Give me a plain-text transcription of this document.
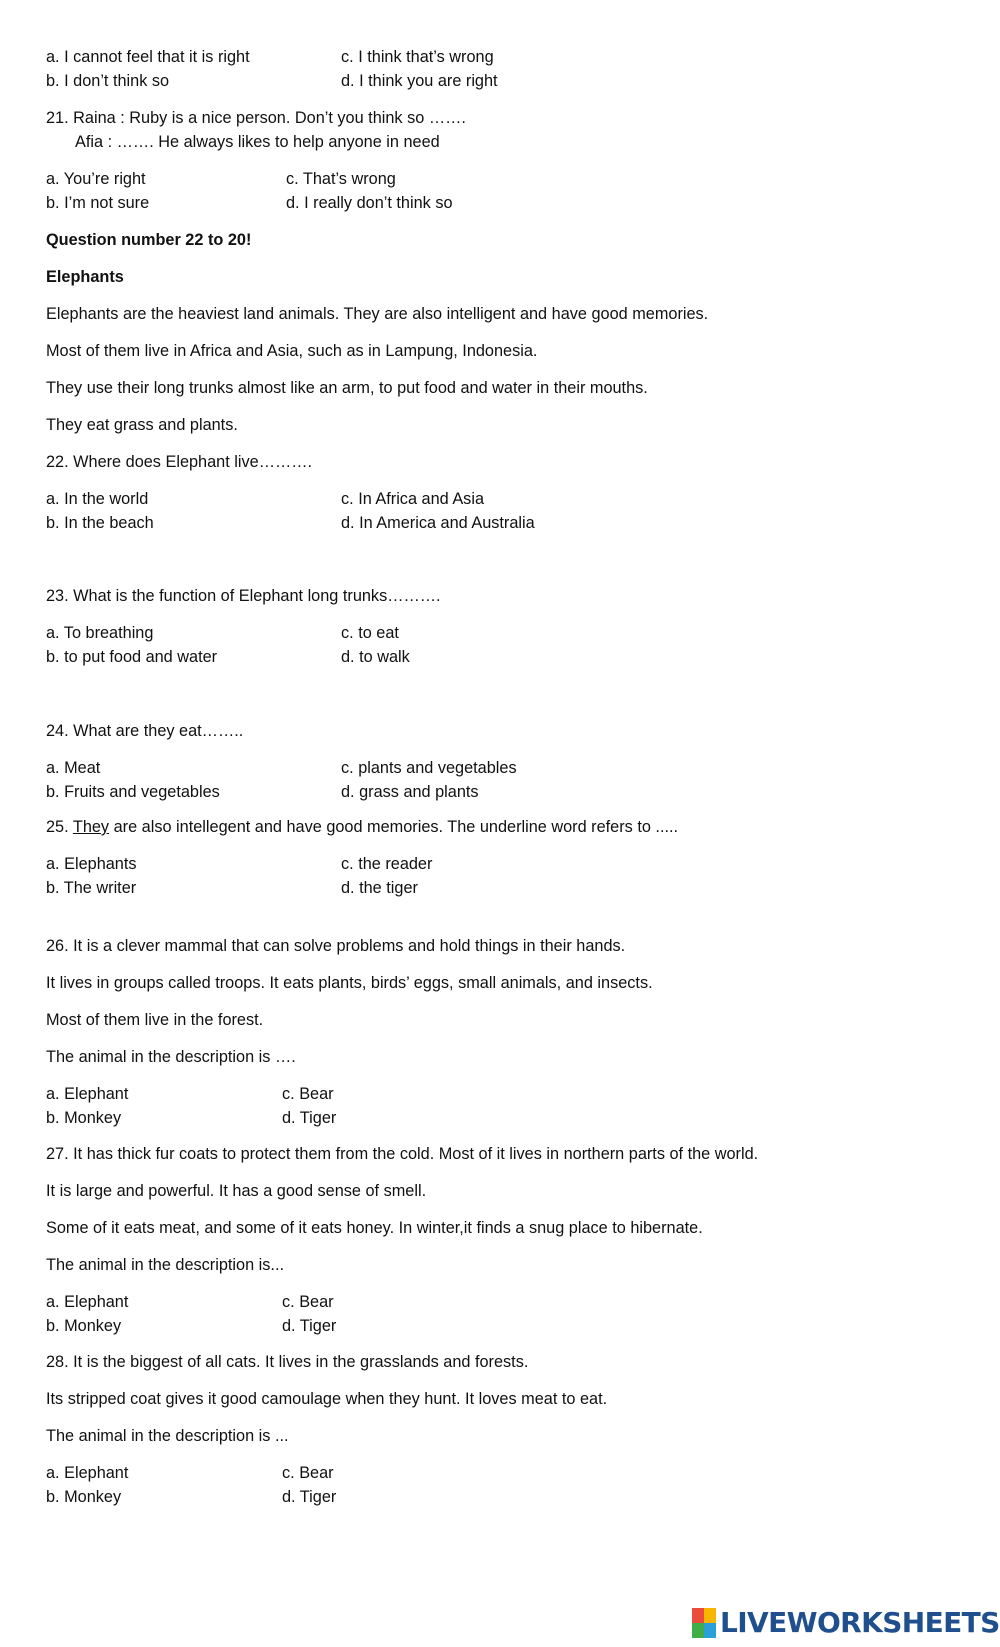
a. I cannot feel that it is right	c. I think that’s wrong
b. I don’t think so	d. I think you are right
21. Raina : Ruby is a nice person. Don’t you think so …….
Afia : ……. He always likes to help anyone in need
a. You’re right	c. That’s wrong
b. I’m not sure	d. I really don’t think so
Question number 22 to 20!
Elephants
Elephants are the heaviest land animals. They are also intelligent and have good memories.
Most of them live in Africa and Asia, such as in Lampung, Indonesia.
They use their long trunks almost like an arm, to put food and water in their mouths.
They eat grass and plants.
22. Where does Elephant live……….
a. In the world	c. In Africa and Asia
b. In the beach	d. In America and Australia
23. What is the function of Elephant long trunks……….
a. To breathing	c. to eat
b. to put food and water	d. to walk
24. What are they eat……..
a. Meat	c. plants and vegetables
b. Fruits and vegetables	d. grass and plants
25. They are also intellegent and have good memories. The underline word refers to .....
a. Elephants	c. the reader
b. The writer	d. the tiger
26. It is a clever mammal that can solve problems and hold things in their hands.
It lives in groups called troops. It eats plants, birds’ eggs, small animals, and insects.
Most of them live in the forest.
The animal in the description is ….
a. Elephant	c. Bear
b. Monkey	d. Tiger
27. It has thick fur coats to protect them from the cold. Most of it lives in northern parts of the world.
It is large and powerful. It has a good sense of smell.
Some of it eats meat, and some of it eats honey. In winter,it finds a snug place to hibernate.
The animal in the description is...
a. Elephant	c. Bear
b. Monkey	d. Tiger
28. It is the biggest of all cats. It lives in the grasslands and forests.
Its stripped coat gives it good camoulage when they hunt. It loves meat to eat.
The animal in the description is ...
a. Elephant	c. Bear
b. Monkey	d. Tiger
LIVEWORKSHEETS
